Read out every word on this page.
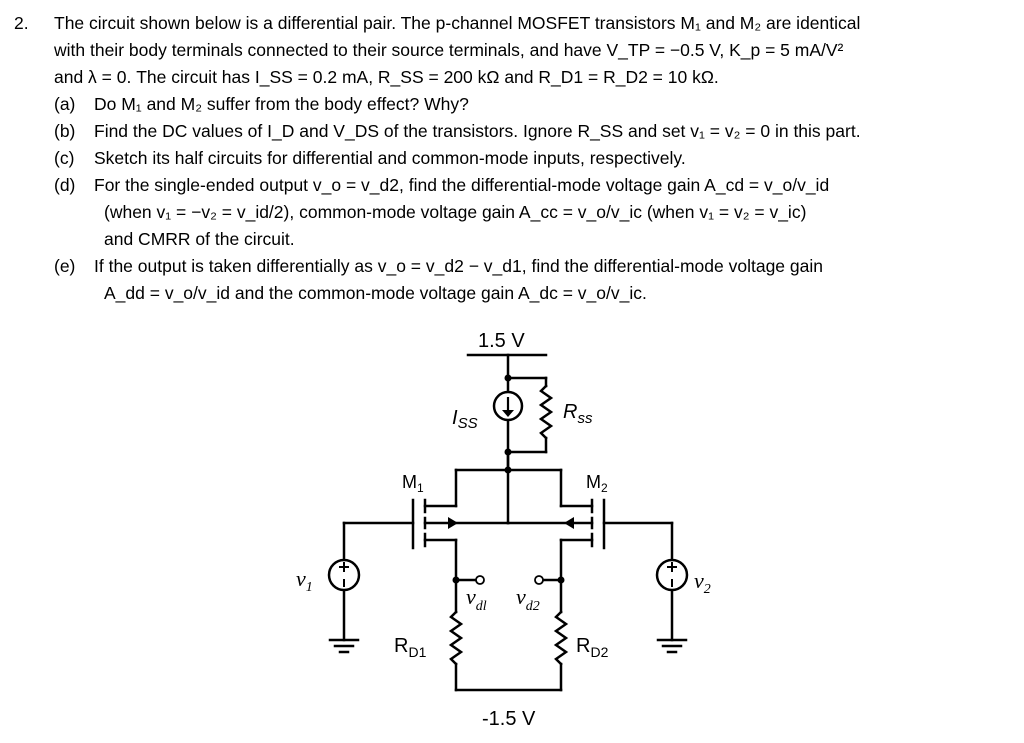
2. The circuit shown below is a differential pair. The p-channel MOSFET transistors M₁ and M₂ are identical
with their body terminals connected to their source terminals, and have V_TP = −0.5 V, K_p = 5 mA/V²
and λ = 0. The circuit has I_SS = 0.2 mA, R_SS = 200 kΩ and R_D1 = R_D2 = 10 kΩ.
(a) Do M₁ and M₂ suffer from the body effect? Why?
(b) Find the DC values of I_D and V_DS of the transistors. Ignore R_SS and set v₁ = v₂ = 0 in this part.
(c) Sketch its half circuits for differential and common-mode inputs, respectively.
(d) For the single-ended output v_o = v_d2, find the differential-mode voltage gain A_cd = v_o/v_id
(when v₁ = −v₂ = v_id/2), common-mode voltage gain A_cc = v_o/v_ic (when v₁ = v₂ = v_ic)
and CMRR of the circuit.
(e) If the output is taken differentially as v_o = v_d2 − v_d1, find the differential-mode voltage gain
A_dd = v_o/v_id and the common-mode voltage gain A_dc = v_o/v_ic.
1.5 V
-1.5 V
$I_{SS}$
$R_{ss}$
$M_1$	$M_2$
$R_{D1}$	$R_{D2}$
$v_1$	$v_2$
$v_{dl}$ $v_{d2}$
